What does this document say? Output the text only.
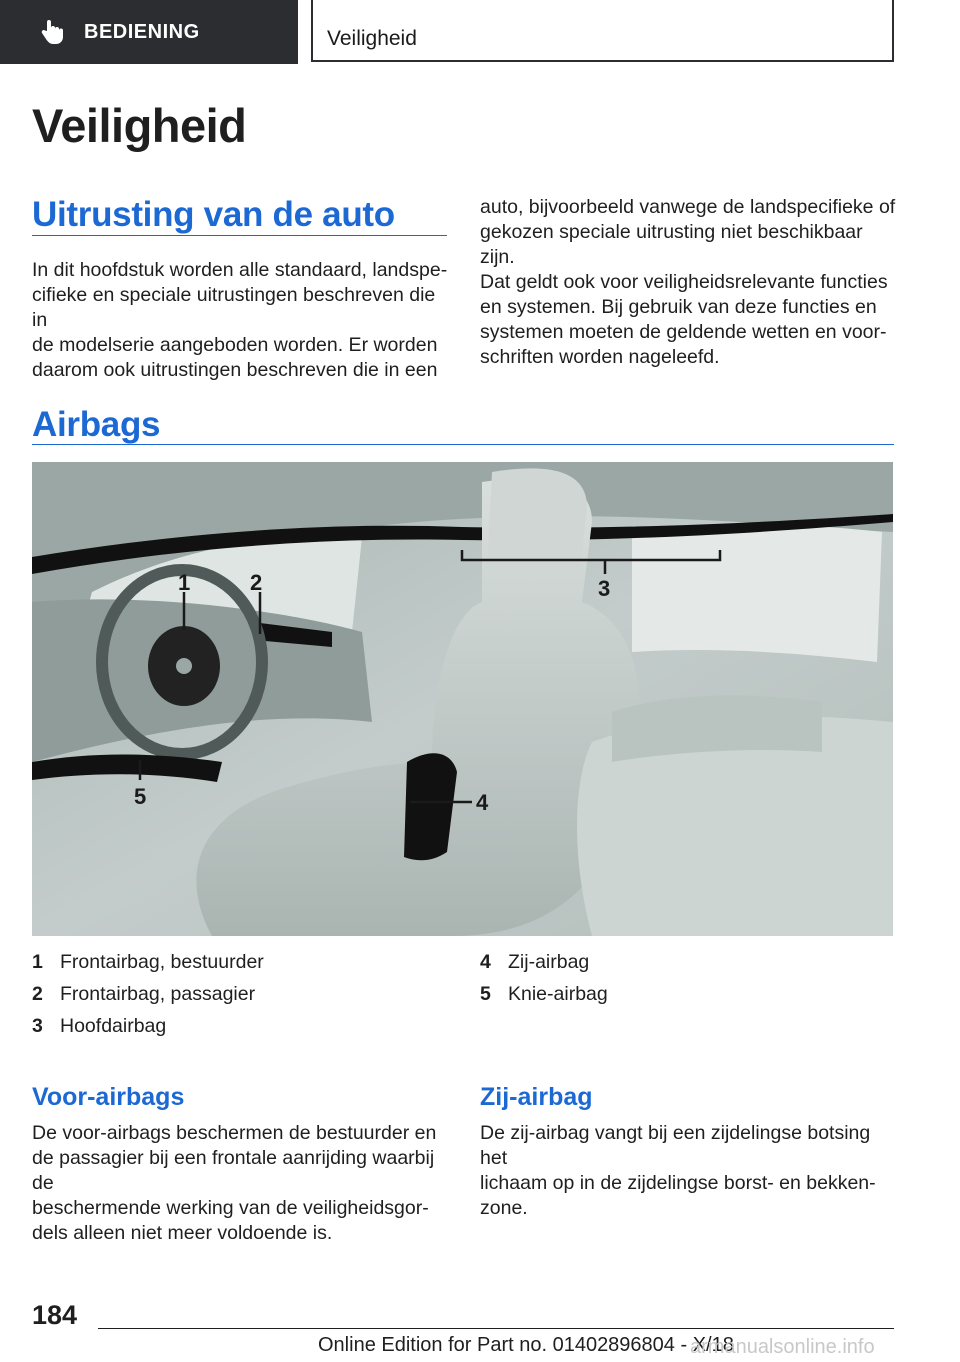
BEDIENING	Veiligheid
Veiligheid
Uitrusting van de auto
In dit hoofdstuk worden alle standaard, landspe‐
cifieke en speciale uitrustingen beschreven die in
de modelserie aangeboden worden. Er worden
daarom ook uitrustingen beschreven die in een
auto, bijvoorbeeld vanwege de landspecifieke of
gekozen speciale uitrusting niet beschikbaar zijn.
Dat geldt ook voor veiligheidsrelevante functies
en systemen. Bij gebruik van deze functies en
systemen moeten de geldende wetten en voor‐
schriften worden nageleefd.
Airbags
1	2	3
4
5
1 Frontairbag, bestuurder
2 Frontairbag, passagier
3 Hoofdairbag
4 Zij-airbag
5 Knie-airbag
Voor-airbags
De voor-airbags beschermen de bestuurder en
de passagier bij een frontale aanrijding waarbij de
beschermende werking van de veiligheidsgor‐
dels alleen niet meer voldoende is.
Zij-airbag
De zij-airbag vangt bij een zijdelingse botsing het
lichaam op in de zijdelingse borst- en bekken‐
zone.
184
Online Edition for Part no. 01402896804 - X/18
armanualsonline.info
